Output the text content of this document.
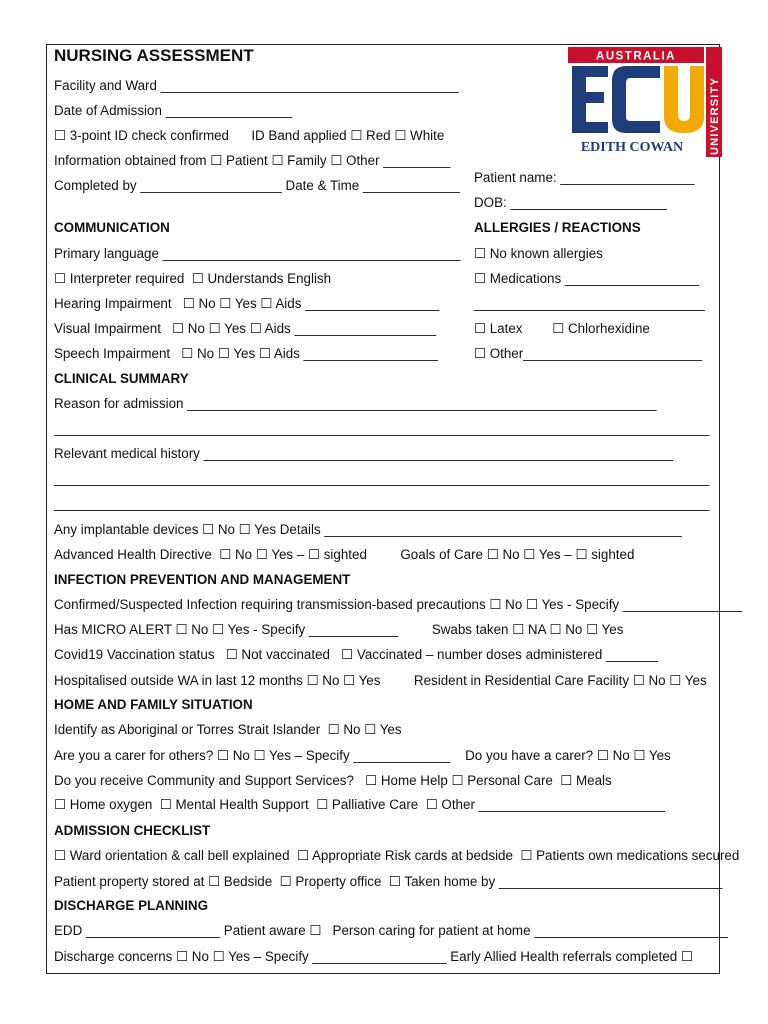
NURSING ASSESSMENT
Facility and Ward ________________________________________
Date of Admission _________________
☐ 3-point ID check confirmed      ID Band applied ☐ Red ☐ White
Information obtained from ☐ Patient ☐ Family ☐ Other _________
Completed by ___________________ Date & Time _____________
Patient name: __________________
DOB: _____________________
AUSTRALIA
EDITH COWAN UNIVERSITY
COMMUNICATION
Primary language ________________________________________
☐ Interpreter required  ☐ Understands English
Hearing Impairment   ☐ No ☐ Yes ☐ Aids __________________
Visual Impairment   ☐ No ☐ Yes ☐ Aids ___________________
Speech Impairment   ☐ No ☐ Yes ☐ Aids __________________
ALLERGIES / REACTIONS
☐ No known allergies
☐ Medications __________________
_______________________________
☐ Latex        ☐ Chlorhexidine
☐ Other________________________
CLINICAL SUMMARY
Reason for admission _______________________________________________________________
________________________________________________________________________________________
Relevant medical history _______________________________________________________________
________________________________________________________________________________________
________________________________________________________________________________________
Any implantable devices ☐ No ☐ Yes Details ________________________________________________
Advanced Health Directive  ☐ No ☐ Yes – ☐ sighted         Goals of Care ☐ No ☐ Yes – ☐ sighted
INFECTION PREVENTION AND MANAGEMENT
Confirmed/Suspected Infection requiring transmission-based precautions ☐ No ☐ Yes - Specify ________________
Has MICRO ALERT ☐ No ☐ Yes - Specify ____________         Swabs taken ☐ NA ☐ No ☐ Yes
Covid19 Vaccination status   ☐ Not vaccinated   ☐ Vaccinated – number doses administered _______
Hospitalised outside WA in last 12 months ☐ No ☐ Yes         Resident in Residential Care Facility ☐ No ☐ Yes
HOME AND FAMILY SITUATION
Identify as Aboriginal or Torres Strait Islander  ☐ No ☐ Yes
Are you a carer for others? ☐ No ☐ Yes – Specify _____________    Do you have a carer? ☐ No ☐ Yes
Do you receive Community and Support Services?   ☐ Home Help ☐ Personal Care  ☐ Meals
☐ Home oxygen  ☐ Mental Health Support  ☐ Palliative Care  ☐ Other _________________________
ADMISSION CHECKLIST
☐ Ward orientation & call bell explained  ☐ Appropriate Risk cards at bedside  ☐ Patients own medications secured
Patient property stored at ☐ Bedside  ☐ Property office  ☐ Taken home by ______________________________
DISCHARGE PLANNING
EDD __________________ Patient aware ☐   Person caring for patient at home __________________________
Discharge concerns ☐ No ☐ Yes – Specify __________________ Early Allied Health referrals completed ☐
